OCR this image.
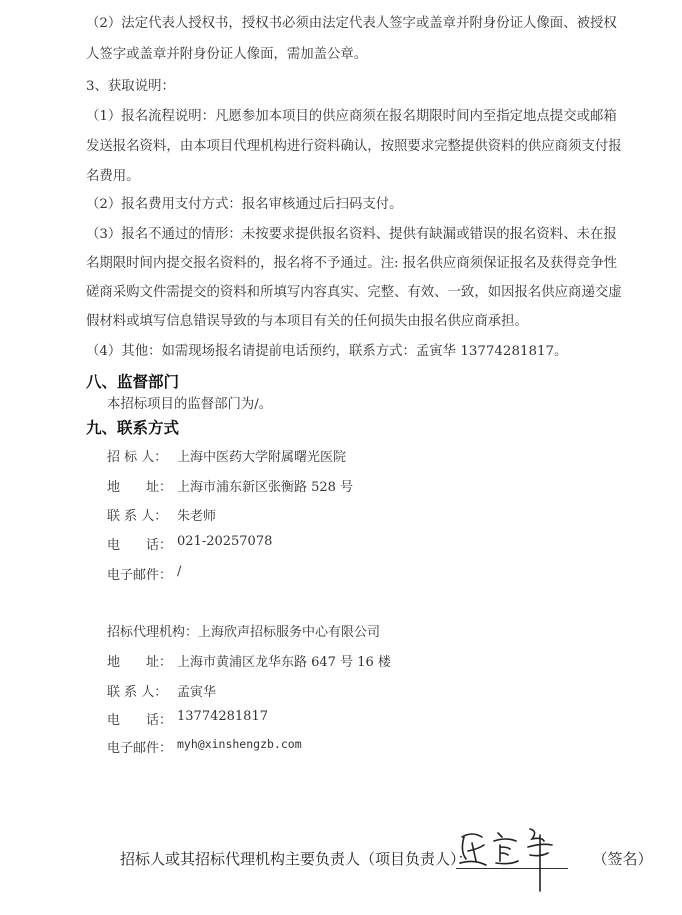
（2）法定代表人授权书，授权书必须由法定代表人签字或盖章并附身份证人像面、被授权
人签字或盖章并附身份证人像面，需加盖公章。
3、获取说明：
（1）报名流程说明：凡愿参加本项目的供应商须在报名期限时间内至指定地点提交或邮箱
发送报名资料，由本项目代理机构进行资料确认，按照要求完整提供资料的供应商须支付报
名费用。
（2）报名费用支付方式：报名审核通过后扫码支付。
（3）报名不通过的情形：未按要求提供报名资料、提供有缺漏或错误的报名资料、未在报
名期限时间内提交报名资料的，报名将不予通过。注: 报名供应商须保证报名及获得竞争性
磋商采购文件需提交的资料和所填写内容真实、完整、有效、一致，如因报名供应商递交虚
假材料或填写信息错误导致的与本项目有关的任何损失由报名供应商承担。
（4）其他：如需现场报名请提前电话预约，联系方式：孟寅华 13774281817。
八、监督部门
本招标项目的监督部门为/。
九、联系方式
招 标 人： 上海中医药大学附属曙光医院
地　　址： 上海市浦东新区张衡路 528 号
联 系 人： 朱老师
电　　话： 021-20257078
电子邮件： /
招标代理机构： 上海欣声招标服务中心有限公司
地　　址： 上海市黄浦区龙华东路 647 号 16 楼
联 系 人： 孟寅华
电　　话： 13774281817
电子邮件： myh@xinshengzb.com
招标人或其招标代理机构主要负责人（项目负责人）：	（签名）
